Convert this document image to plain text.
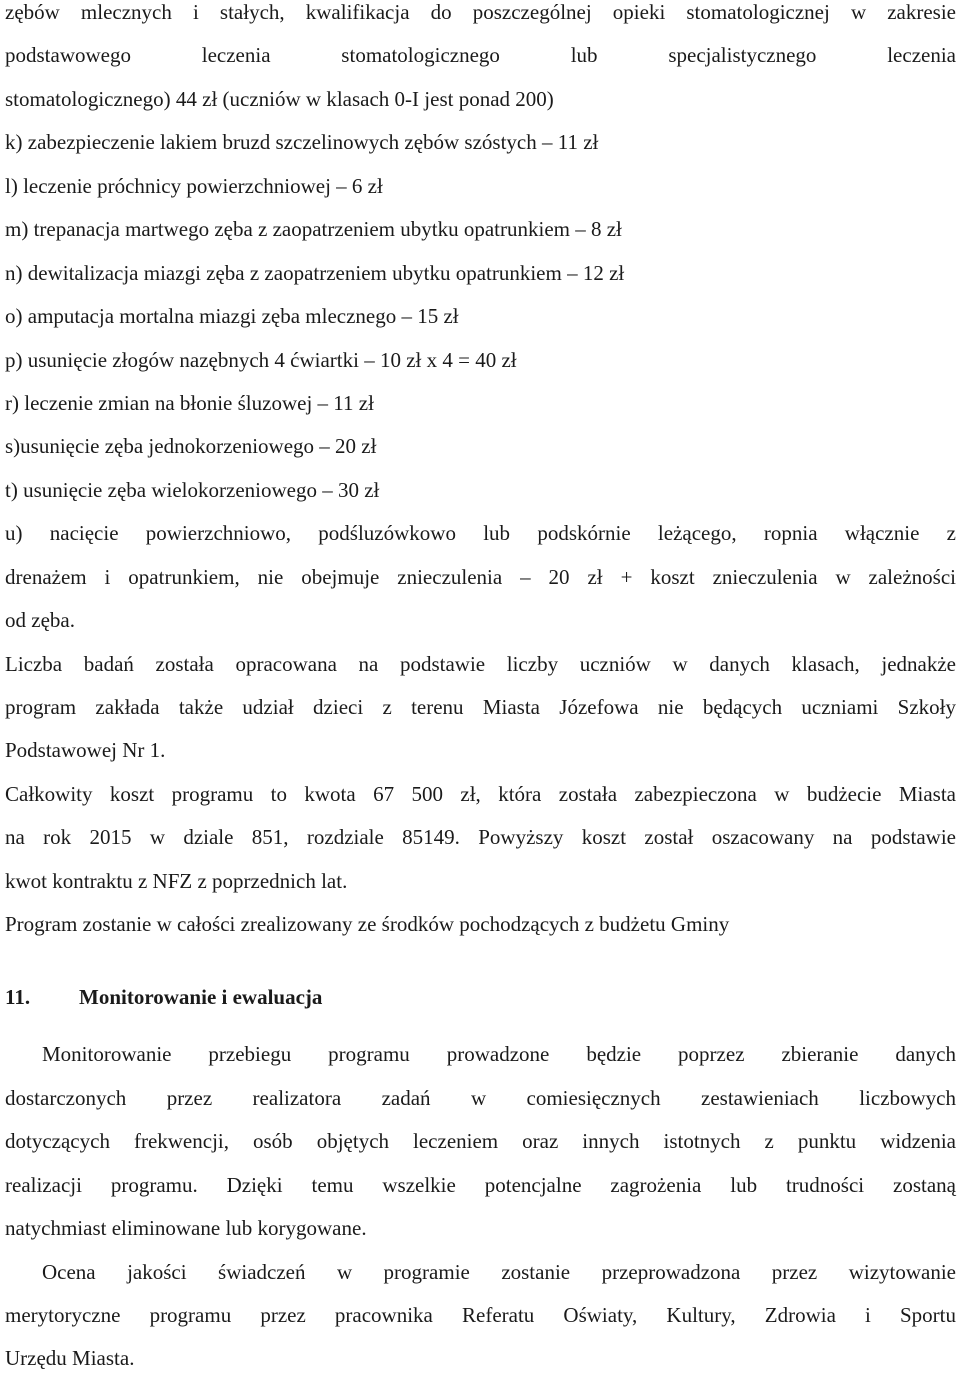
zębów mlecznych i stałych, kwalifikacja do poszczególnej opieki stomatologicznej w zakresie

podstawowego leczenia stomatologicznego lub specjalistycznego leczenia

stomatologicznego) 44 zł (uczniów w klasach 0-I jest ponad 200)

k) zabezpieczenie lakiem bruzd szczelinowych zębów szóstych – 11 zł

l) leczenie próchnicy powierzchniowej – 6 zł

m) trepanacja martwego zęba z zaopatrzeniem ubytku opatrunkiem – 8 zł

n) dewitalizacja miazgi zęba z zaopatrzeniem ubytku opatrunkiem – 12 zł

o) amputacja mortalna miazgi zęba mlecznego – 15 zł

p) usunięcie złogów nazębnych 4 ćwiartki – 10 zł x 4 = 40 zł

r) leczenie zmian na błonie śluzowej – 11 zł

s)usunięcie zęba jednokorzeniowego – 20 zł

t) usunięcie zęba wielokorzeniowego – 30 zł

u) nacięcie powierzchniowo, podśluzówkowo lub podskórnie leżącego, ropnia włącznie z

drenażem i opatrunkiem, nie obejmuje znieczulenia – 20 zł + koszt znieczulenia w zależności

od zęba.

Liczba badań została opracowana na podstawie liczby uczniów w danych klasach, jednakże

program zakłada także udział dzieci z terenu Miasta Józefowa nie będących uczniami Szkoły

Podstawowej Nr 1.

Całkowity koszt programu to kwota 67 500 zł, która została zabezpieczona w budżecie Miasta

na rok 2015 w dziale 851, rozdziale 85149. Powyższy koszt został oszacowany na podstawie

kwot kontraktu z NFZ z poprzednich lat.

Program zostanie w całości zrealizowany ze środków pochodzących z budżetu Gminy

11. Monitorowanie i ewaluacja

Monitorowanie przebiegu programu prowadzone będzie poprzez zbieranie danych

dostarczonych przez realizatora zadań w comiesięcznych zestawieniach liczbowych

dotyczących frekwencji, osób objętych leczeniem oraz innych istotnych z punktu widzenia

realizacji programu. Dzięki temu wszelkie potencjalne zagrożenia lub trudności zostaną

natychmiast eliminowane lub korygowane.

Ocena jakości świadczeń w programie zostanie przeprowadzona przez wizytowanie

merytoryczne programu przez pracownika Referatu Oświaty, Kultury, Zdrowia i Sportu

Urzędu Miasta.
